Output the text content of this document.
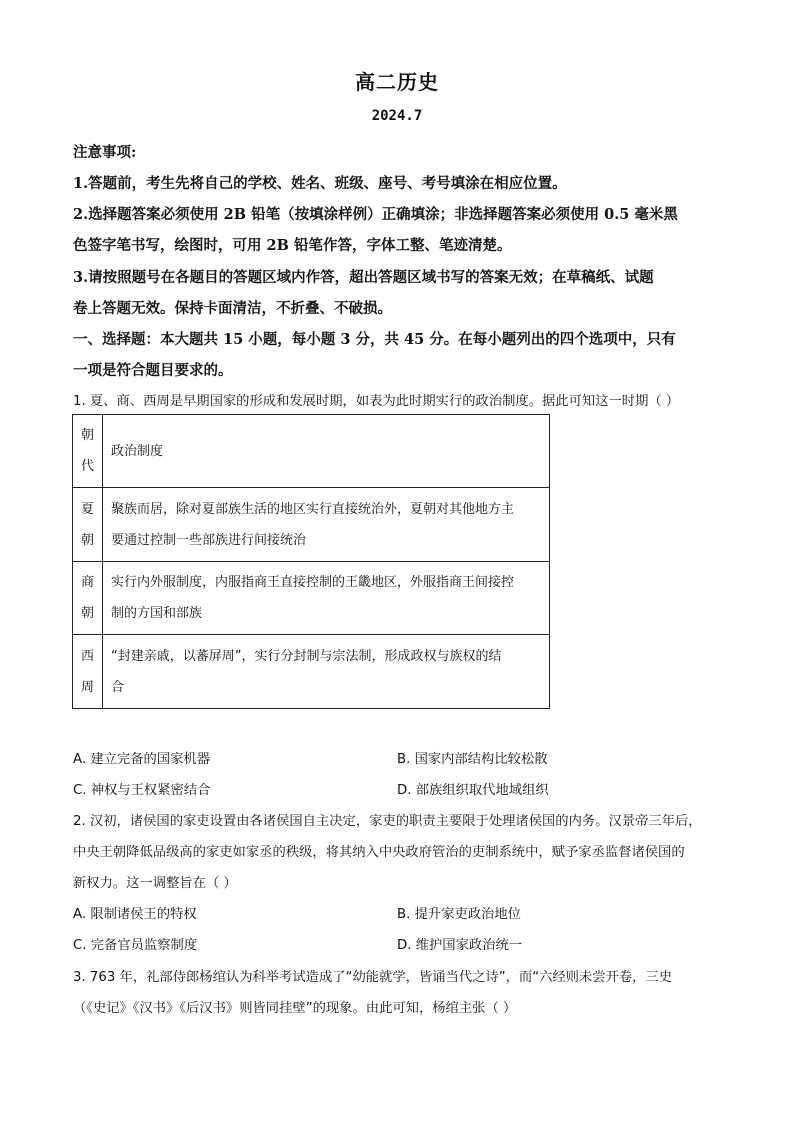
高二历史
2024.7
注意事项:
1.答题前，考生先将自己的学校、姓名、班级、座号、考号填涂在相应位置。
2.选择题答案必须使用 2B 铅笔（按填涂样例）正确填涂；非选择题答案必须使用 0.5 毫米黑
色签字笔书写，绘图时，可用 2B 铅笔作答，字体工整、笔迹清楚。
3.请按照题号在各题目的答题区域内作答，超出答题区域书写的答案无效；在草稿纸、试题
卷上答题无效。保持卡面清洁，不折叠、不破损。
一、选择题：本大题共 15 小题，每小题 3 分，共 45 分。在每小题列出的四个选项中，只有
一项是符合题目要求的。
1. 夏、商、西周是早期国家的形成和发展时期，如表为此时期实行的政治制度。据此可知这一时期（ ）
朝
代	政治制度

夏
朝	聚族而居，除对夏部族生活的地区实行直接统治外，夏朝对其他地方主
要通过控制一些部族进行间接统治

商
朝	实行内外服制度，内服指商王直接控制的王畿地区，外服指商王间接控
制的方国和部族

西
周	“封建亲戚，以蕃屏周”，实行分封制与宗法制，形成政权与族权的结
合
A. 建立完备的国家机器	B. 国家内部结构比较松散
C. 神权与王权紧密结合	D. 部族组织取代地域组织
2. 汉初，诸侯国的家吏设置由各诸侯国自主决定，家吏的职责主要限于处理诸侯国的内务。汉景帝三年后，
中央王朝降低品级高的家吏如家丞的秩级，将其纳入中央政府管治的吏制系统中，赋予家丞监督诸侯国的
新权力。这一调整旨在（ ）
A. 限制诸侯王的特权	B. 提升家吏政治地位
C. 完备官员监察制度	D. 维护国家政治统一
3. 763 年，礼部侍郎杨绾认为科举考试造成了“幼能就学，皆诵当代之诗”，而“六经则未尝开卷，三史
（《史记》《汉书》《后汉书》则皆同挂壁”的现象。由此可知，杨绾主张（ ）
